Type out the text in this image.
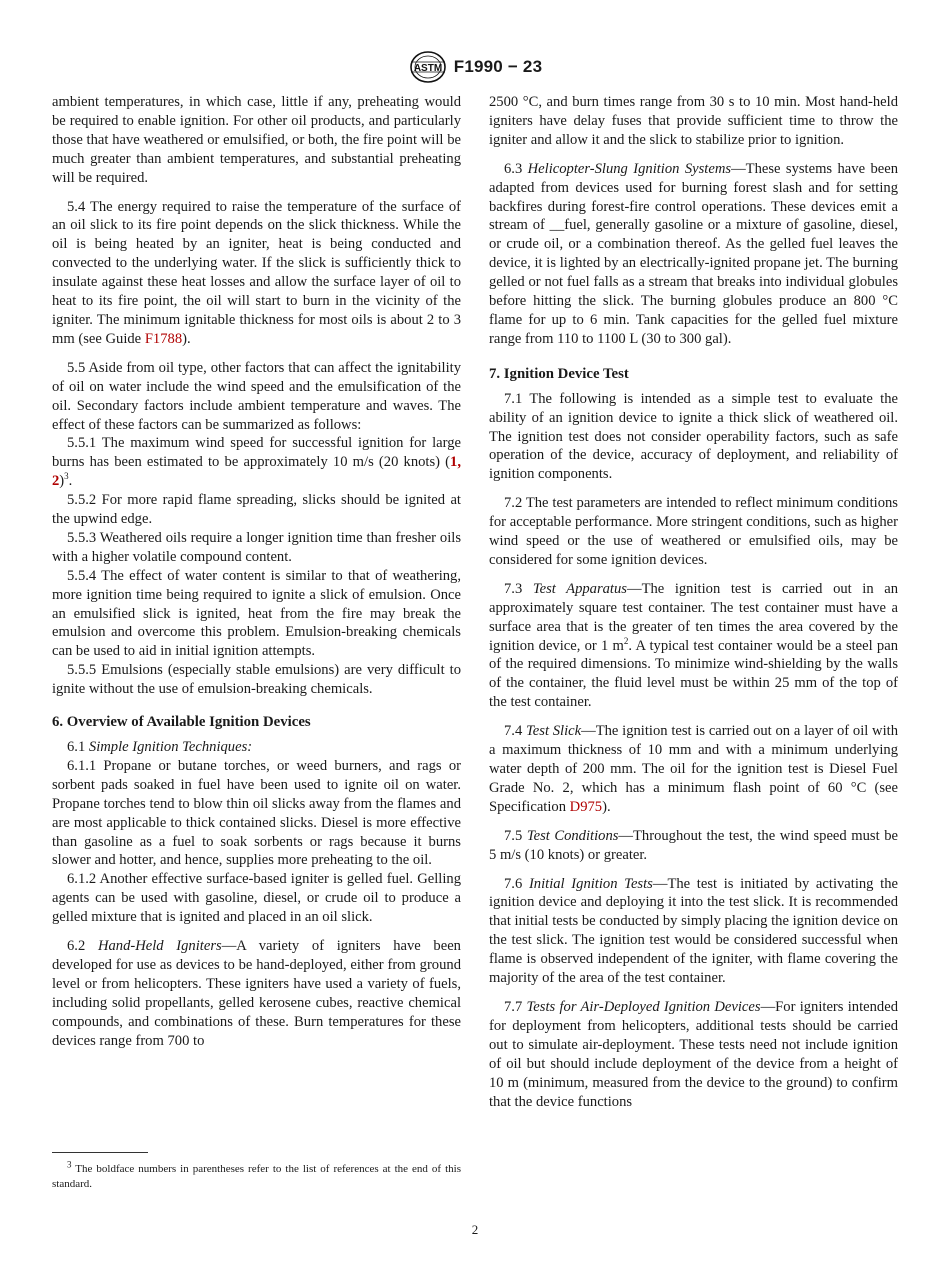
ASTM F1990 − 23

ambient temperatures, in which case, little if any, preheating would be required to enable ignition. For other oil products, and particularly those that have weathered or emulsified, or both, the fire point will be much greater than ambient temperatures, and substantial preheating will be required.

5.4 The energy required to raise the temperature of the surface of an oil slick to its fire point depends on the slick thickness. While the oil is being heated by an igniter, heat is being conducted and convected to the underlying water. If the slick is sufficiently thick to insulate against these heat losses and allow the surface layer of oil to heat to its fire point, the oil will start to burn in the vicinity of the igniter. The minimum ignitable thickness for most oils is about 2 to 3 mm (see Guide F1788).

5.5 Aside from oil type, other factors that can affect the ignitability of oil on water include the wind speed and the emulsification of the oil. Secondary factors include ambient temperature and waves. The effect of these factors can be summarized as follows:

5.5.1 The maximum wind speed for successful ignition for large burns has been estimated to be approximately 10 m/s (20 knots) (1, 2)$^3$.

5.5.2 For more rapid flame spreading, slicks should be ignited at the upwind edge.

5.5.3 Weathered oils require a longer ignition time than fresher oils with a higher volatile compound content.

5.5.4 The effect of water content is similar to that of weathering, more ignition time being required to ignite a slick of emulsion. Once an emulsified slick is ignited, heat from the fire may break the emulsion and overcome this problem. Emulsion-breaking chemicals can be used to aid in initial ignition attempts.

5.5.5 Emulsions (especially stable emulsions) are very difficult to ignite without the use of emulsion-breaking chemicals.

6. Overview of Available Ignition Devices

6.1 Simple Ignition Techniques:

6.1.1 Propane or butane torches, or weed burners, and rags or sorbent pads soaked in fuel have been used to ignite oil on water. Propane torches tend to blow thin oil slicks away from the flames and are most applicable to thick contained slicks. Diesel is more effective than gasoline as a fuel to soak sorbents or rags because it burns slower and hotter, and hence, supplies more preheating to the oil.

6.1.2 Another effective surface-based igniter is gelled fuel. Gelling agents can be used with gasoline, diesel, or crude oil to produce a gelled mixture that is ignited and placed in an oil slick.

6.2 Hand-Held Igniters—A variety of igniters have been developed for use as devices to be hand-deployed, either from ground level or from helicopters. These igniters have used a variety of fuels, including solid propellants, gelled kerosene cubes, reactive chemical compounds, and combinations of these. Burn temperatures for these devices range from 700 to

2500 °C, and burn times range from 30 s to 10 min. Most hand-held igniters have delay fuses that provide sufficient time to throw the igniter and allow it and the slick to stabilize prior to ignition.

6.3 Helicopter-Slung Ignition Systems—These systems have been adapted from devices used for burning forest slash and for setting backfires during forest-fire control operations. These devices emit a stream of __fuel, generally gasoline or a mixture of gasoline, diesel, or crude oil, or a combination thereof. As the gelled fuel leaves the device, it is lighted by an electrically-ignited propane jet. The burning gelled or not fuel falls as a stream that breaks into individual globules before hitting the slick. The burning globules produce an 800 °C flame for up to 6 min. Tank capacities for the gelled fuel mixture range from 110 to 1100 L (30 to 300 gal).

7. Ignition Device Test

7.1 The following is intended as a simple test to evaluate the ability of an ignition device to ignite a thick slick of weathered oil. The ignition test does not consider operability factors, such as safe operation of the device, accuracy of deployment, and reliability of ignition components.

7.2 The test parameters are intended to reflect minimum conditions for acceptable performance. More stringent conditions, such as higher wind speed or the use of weathered or emulsified oils, may be considered for some ignition devices.

7.3 Test Apparatus—The ignition test is carried out in an approximately square test container. The test container must have a surface area that is the greater of ten times the area covered by the ignition device, or 1 $m^2$. A typical test container would be a steel pan of the required dimensions. To minimize wind-shielding by the walls of the container, the fluid level must be within 25 mm of the top of the test container.

7.4 Test Slick—The ignition test is carried out on a layer of oil with a maximum thickness of 10 mm and with a minimum underlying water depth of 200 mm. The oil for the ignition test is Diesel Fuel Grade No. 2, which has a minimum flash point of 60 °C (see Specification D975).

7.5 Test Conditions—Throughout the test, the wind speed must be 5 m/s (10 knots) or greater.

7.6 Initial Ignition Tests—The test is initiated by activating the ignition device and deploying it into the test slick. It is recommended that initial tests be conducted by simply placing the ignition device on the test slick. The ignition test would be considered successful when flame is observed independent of the igniter, with flame covering the majority of the area of the test container.

7.7 Tests for Air-Deployed Ignition Devices—For igniters intended for deployment from helicopters, additional tests should be carried out to simulate air-deployment. These tests need not include ignition of oil but should include deployment of the device from a height of 10 m (minimum, measured from the device to the ground) to confirm that the device functions

$^3$ The boldface numbers in parentheses refer to the list of references at the end of this standard.
2
